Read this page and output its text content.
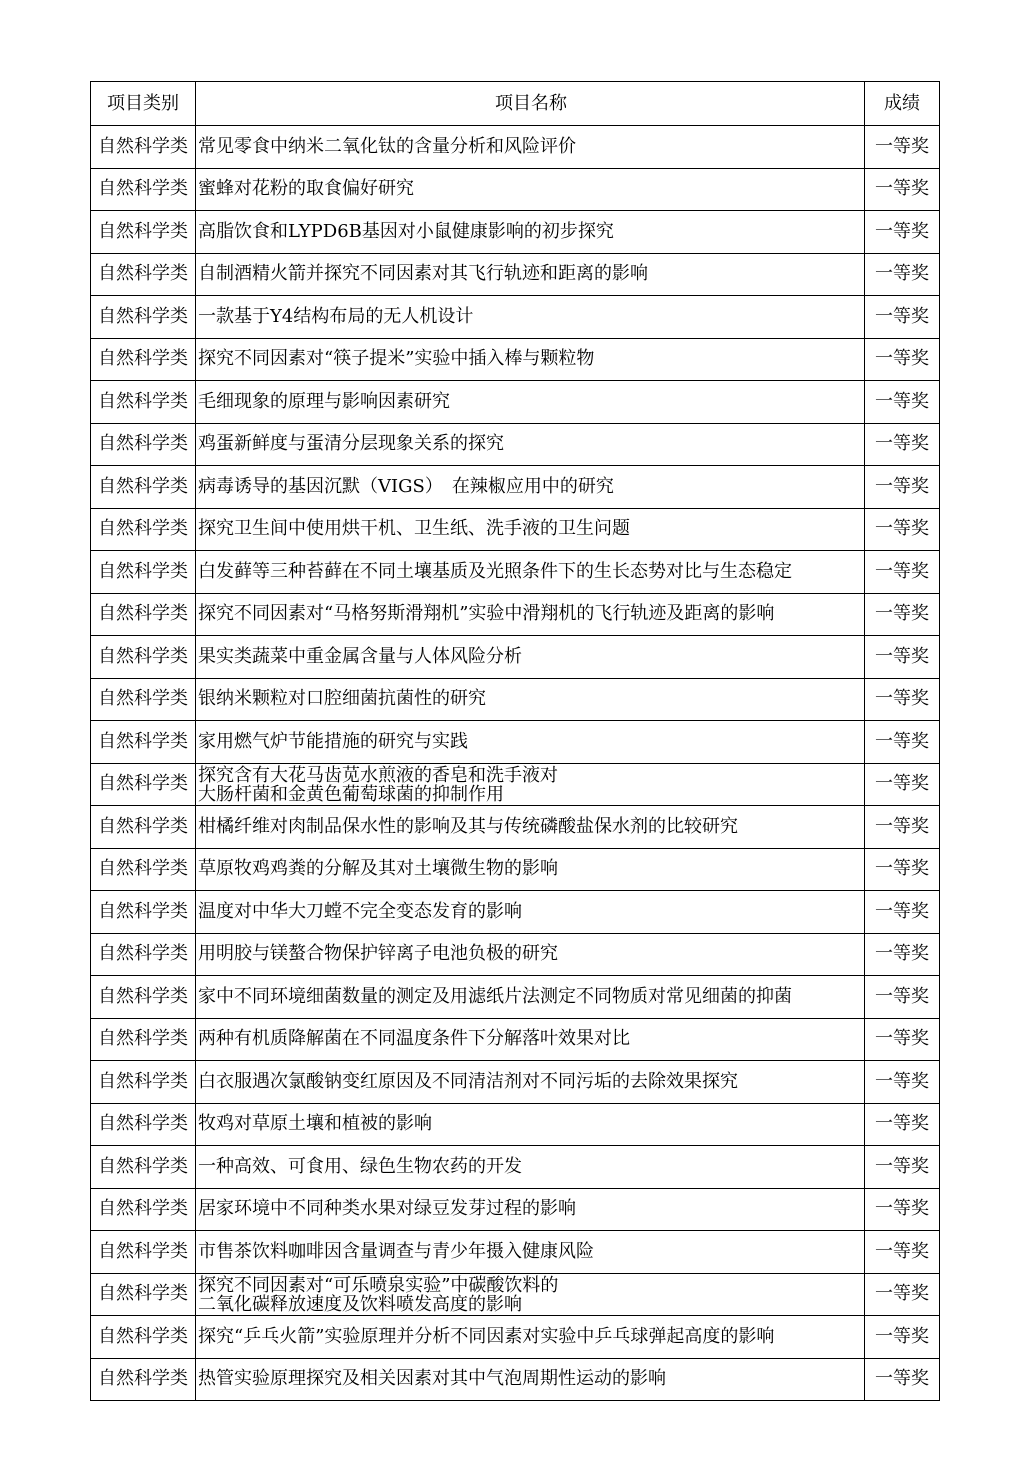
项目类别	项目名称	成绩
自然科学类	常见零食中纳米二氧化钛的含量分析和风险评价	一等奖
自然科学类	蜜蜂对花粉的取食偏好研究	一等奖
自然科学类	高脂饮食和LYPD6B基因对小鼠健康影响的初步探究	一等奖
自然科学类	自制酒精火箭并探究不同因素对其飞行轨迹和距离的影响	一等奖
自然科学类	一款基于Y4结构布局的无人机设计	一等奖
自然科学类	探究不同因素对“筷子提米”实验中插入棒与颗粒物	一等奖
自然科学类	毛细现象的原理与影响因素研究	一等奖
自然科学类	鸡蛋新鲜度与蛋清分层现象关系的探究	一等奖
自然科学类	病毒诱导的基因沉默（VIGS）　在辣椒应用中的研究	一等奖
自然科学类	探究卫生间中使用烘干机、卫生纸、洗手液的卫生问题	一等奖
自然科学类	白发藓等三种苔藓在不同土壤基质及光照条件下的生长态势对比与生态稳定	一等奖
自然科学类	探究不同因素对“马格努斯滑翔机”实验中滑翔机的飞行轨迹及距离的影响	一等奖
自然科学类	果实类蔬菜中重金属含量与人体风险分析	一等奖
自然科学类	银纳米颗粒对口腔细菌抗菌性的研究	一等奖
自然科学类	家用燃气炉节能措施的研究与实践	一等奖
自然科学类	探究含有大花马齿苋水煎液的香皂和洗手液对
大肠杆菌和金黄色葡萄球菌的抑制作用	一等奖
自然科学类	柑橘纤维对肉制品保水性的影响及其与传统磷酸盐保水剂的比较研究	一等奖
自然科学类	草原牧鸡鸡粪的分解及其对土壤微生物的影响	一等奖
自然科学类	温度对中华大刀螳不完全变态发育的影响	一等奖
自然科学类	用明胶与镁螯合物保护锌离子电池负极的研究	一等奖
自然科学类	家中不同环境细菌数量的测定及用滤纸片法测定不同物质对常见细菌的抑菌	一等奖
自然科学类	两种有机质降解菌在不同温度条件下分解落叶效果对比	一等奖
自然科学类	白衣服遇次氯酸钠变红原因及不同清洁剂对不同污垢的去除效果探究	一等奖
自然科学类	牧鸡对草原土壤和植被的影响	一等奖
自然科学类	一种高效、可食用、绿色生物农药的开发	一等奖
自然科学类	居家环境中不同种类水果对绿豆发芽过程的影响	一等奖
自然科学类	市售茶饮料咖啡因含量调查与青少年摄入健康风险	一等奖
自然科学类	探究不同因素对“可乐喷泉实验”中碳酸饮料的
二氧化碳释放速度及饮料喷发高度的影响	一等奖
自然科学类	探究“乒乓火箭”实验原理并分析不同因素对实验中乒乓球弹起高度的影响	一等奖
自然科学类	热管实验原理探究及相关因素对其中气泡周期性运动的影响	一等奖
